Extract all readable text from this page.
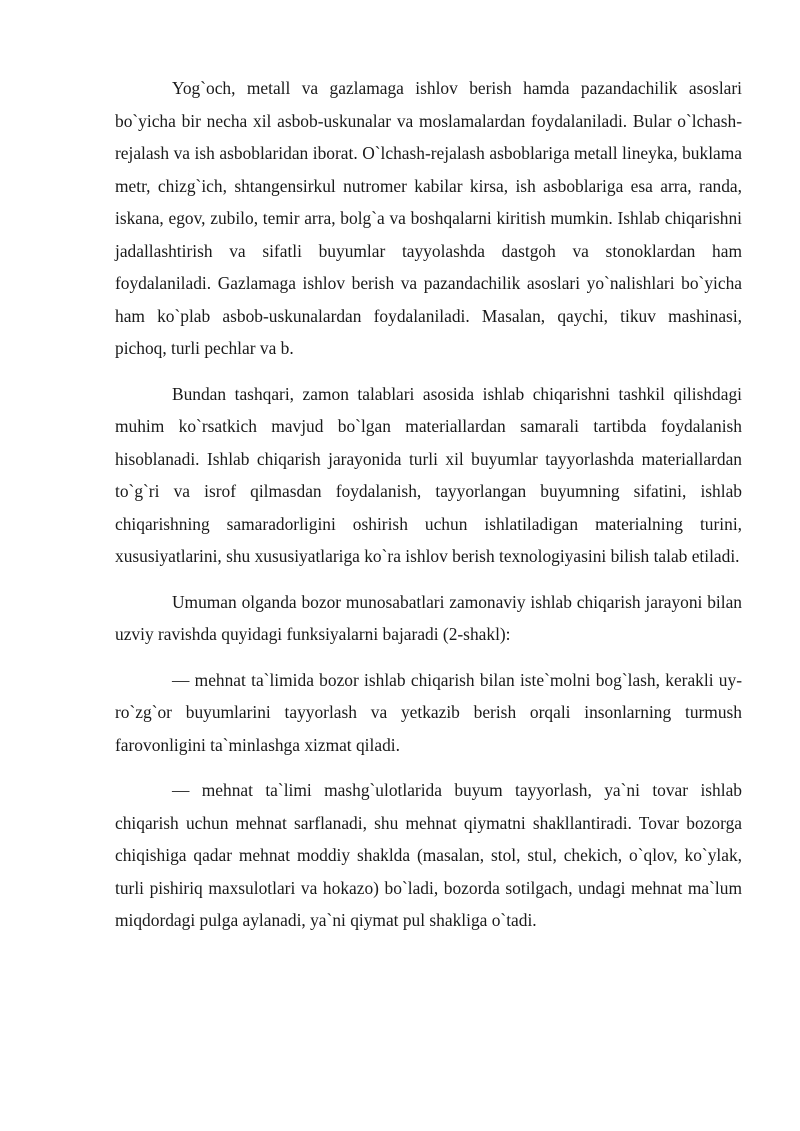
Yog`och, metall va gazlamaga ishlov berish hamda pazandachilik asoslari bo`yicha bir necha xil asbob-uskunalar va moslamalardan foydalaniladi. Bular o`lchash-rejalash va ish asboblaridan iborat. O`lchash-rejalash asboblariga metall lineyka, buklama metr, chizg`ich, shtangensirkul nutromer kabilar kirsa, ish asboblariga esa arra, randa, iskana, egov, zubilo, temir arra, bolg`a va boshqalarni kiritish mumkin. Ishlab chiqarishni jadallashtirish va sifatli buyumlar tayyolashda dastgoh va stonoklardan ham foydalaniladi. Gazlamaga ishlov berish va pazandachilik asoslari yo`nalishlari bo`yicha ham ko`plab asbob-uskunalardan foydalaniladi. Masalan, qaychi, tikuv mashinasi, pichoq, turli pechlar va b.

Bundan tashqari, zamon talablari asosida ishlab chiqarishni tashkil qilishdagi muhim ko`rsatkich mavjud bo`lgan materiallardan samarali tartibda foydalanish hisoblanadi. Ishlab chiqarish jarayonida turli xil buyumlar tayyorlashda materiallardan to`g`ri va isrof qilmasdan foydalanish, tayyorlangan buyumning sifatini, ishlab chiqarishning samaradorligini oshirish uchun ishlatiladigan materialning turini, xususiyatlarini, shu xususiyatlariga ko`ra ishlov berish texnologiyasini bilish talab etiladi.

Umuman olganda bozor munosabatlari zamonaviy ishlab chiqarish jarayoni bilan uzviy ravishda quyidagi funksiyalarni bajaradi (2-shakl):

— mehnat ta`limida bozor ishlab chiqarish bilan iste`molni bog`lash, kerakli uy-ro`zg`or buyumlarini tayyorlash va yetkazib berish orqali insonlarning turmush farovonligini ta`minlashga xizmat qiladi.

— mehnat ta`limi mashg`ulotlarida buyum tayyorlash, ya`ni tovar ishlab chiqarish uchun mehnat sarflanadi, shu mehnat qiymatni shakllantiradi. Tovar bozorga chiqishiga qadar mehnat moddiy shaklda (masalan, stol, stul, chekich, o`qlov, ko`ylak, turli pishiriq maxsulotlari va hokazo) bo`ladi, bozorda sotilgach, undagi mehnat ma`lum miqdordagi pulga aylanadi, ya`ni qiymat pul shakliga o`tadi.
